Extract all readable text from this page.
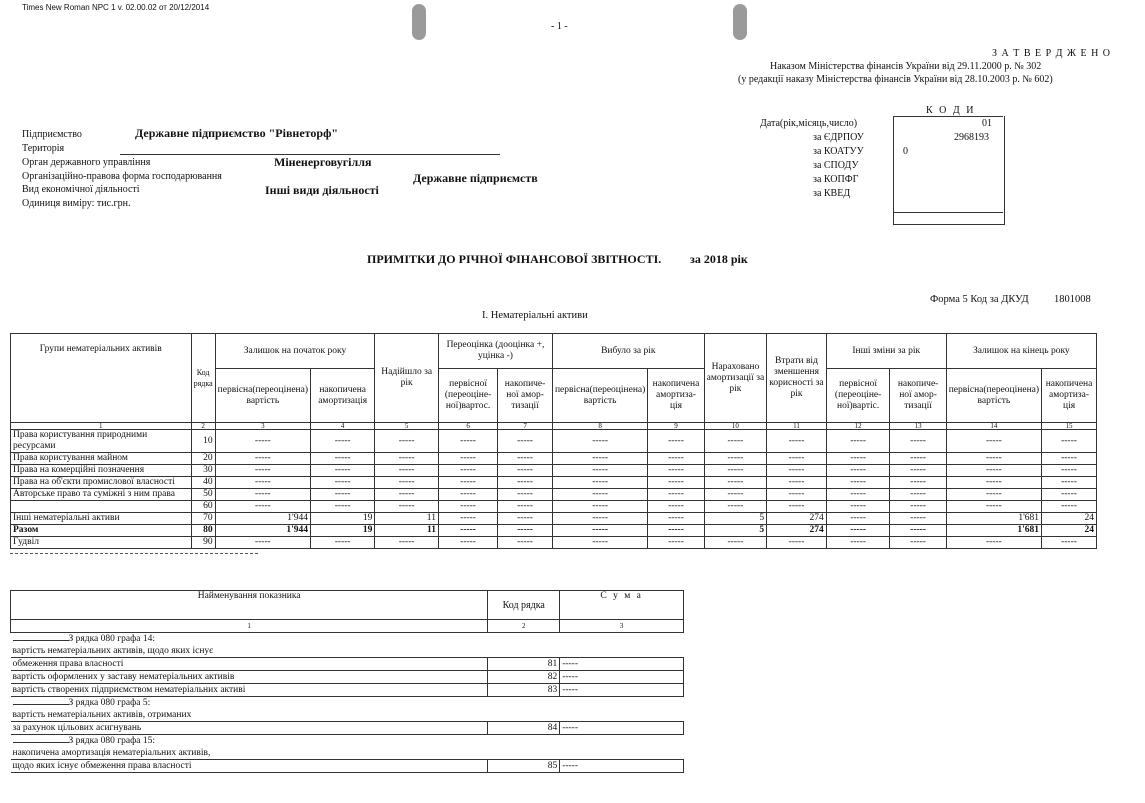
Times New Roman NPC 1 v. 02.00.02 от 20/12/2014
- 1 -
З А Т В Е Р Д Ж Е Н О
Наказом Міністерства фінансів України від 29.11.2000 р. № 302
(у редакції наказу Міністерства фінансів України від 28.10.2003 р. № 602)
К О Д И
Дата(рік,місяць,число)	01
за ЄДРПОУ	2968193
за КОАТУУ	0
за СПОДУ
за КОПФГ
за КВЕД
Підприємство	Державне підприємство "Рівнеторф"
Територія
Орган державного управління	Міненерговугілля
Організаційно-правова форма господарювання	Державне підприємств
Вид економічної діяльності	Інші види діяльності
Одиниця виміру: тис.грн.
ПРИМІТКИ ДО РІЧНОЇ ФІНАНСОВОЇ ЗВІТНОСТІ. за 2018 рік
Форма 5 Код за ДКУД 1801008
І. Нематеріальні активи
Групи нематеріальних активів	Код рядка	Залишок на початок року		Надійшло за рік	Переоцінка (дооцінка +, уцінка -)		Вибуло за рік		Нараховано амортизації за рік	Втрати від зменшення корисності за рік	Інші зміни за рік		Залишок на кінець року	
		первісна(переоцінена) вартість	накопичена амортизація		первісної (переоціне-ної)вартос.	накопиче-ної амор-тизації	первісна(переоцінена) вартість	накопичена амортиза-ція			первісної (переоціне-ної)вартіс.	накопиче-ної амор-тизації	первісна(переоцінена) вартість	накопичена амортиза-ція
1	2	3	4	5	6	7	8	9	10	11	12	13	14	15
Права користування природними ресурсами	10	-----	-----	-----	-----	-----	-----	-----	-----	-----	-----	-----	-----	-----
Права користування майном	20	-----	-----	-----	-----	-----	-----	-----	-----	-----	-----	-----	-----	-----
Права на комерційні позначення	30	-----	-----	-----	-----	-----	-----	-----	-----	-----	-----	-----	-----	-----
Права на об'єкти промислової власності	40	-----	-----	-----	-----	-----	-----	-----	-----	-----	-----	-----	-----	-----
Авторське право та суміжні з ним права	50	-----	-----	-----	-----	-----	-----	-----	-----	-----	-----	-----	-----	-----
	60	-----	-----	-----	-----	-----	-----	-----	-----	-----	-----	-----	-----	-----
Інші нематеріальні активи	70	1'944	19	11	-----	-----	-----	-----	5	274	-----	-----	1'681	24
Разом	80	1'944	19	11	-----	-----	-----	-----	5	274	-----	-----	1'681	24
Гудвіл	90	-----	-----	-----	-----	-----	-----	-----	-----	-----	-----	-----	-----	-----
Найменування показника	Код рядка	С у м а
1	2	3
З рядка 080 графа 14:		
вартість нематеріальних активів, щодо яких існує		
обмеження права власності	81	-----
вартість оформлених у заставу нематеріальних активів	82	-----
вартість створених підприємством нематеріальних активі	83	-----
З рядка 080 графа 5:		
вартість нематеріальних активів, отриманих		
за рахунок цільових асигнувань	84	-----
З рядка 080 графа 15:		
накопичена амортизація нематеріальних активів,		
щодо яких існує обмеження права власності	85	-----
